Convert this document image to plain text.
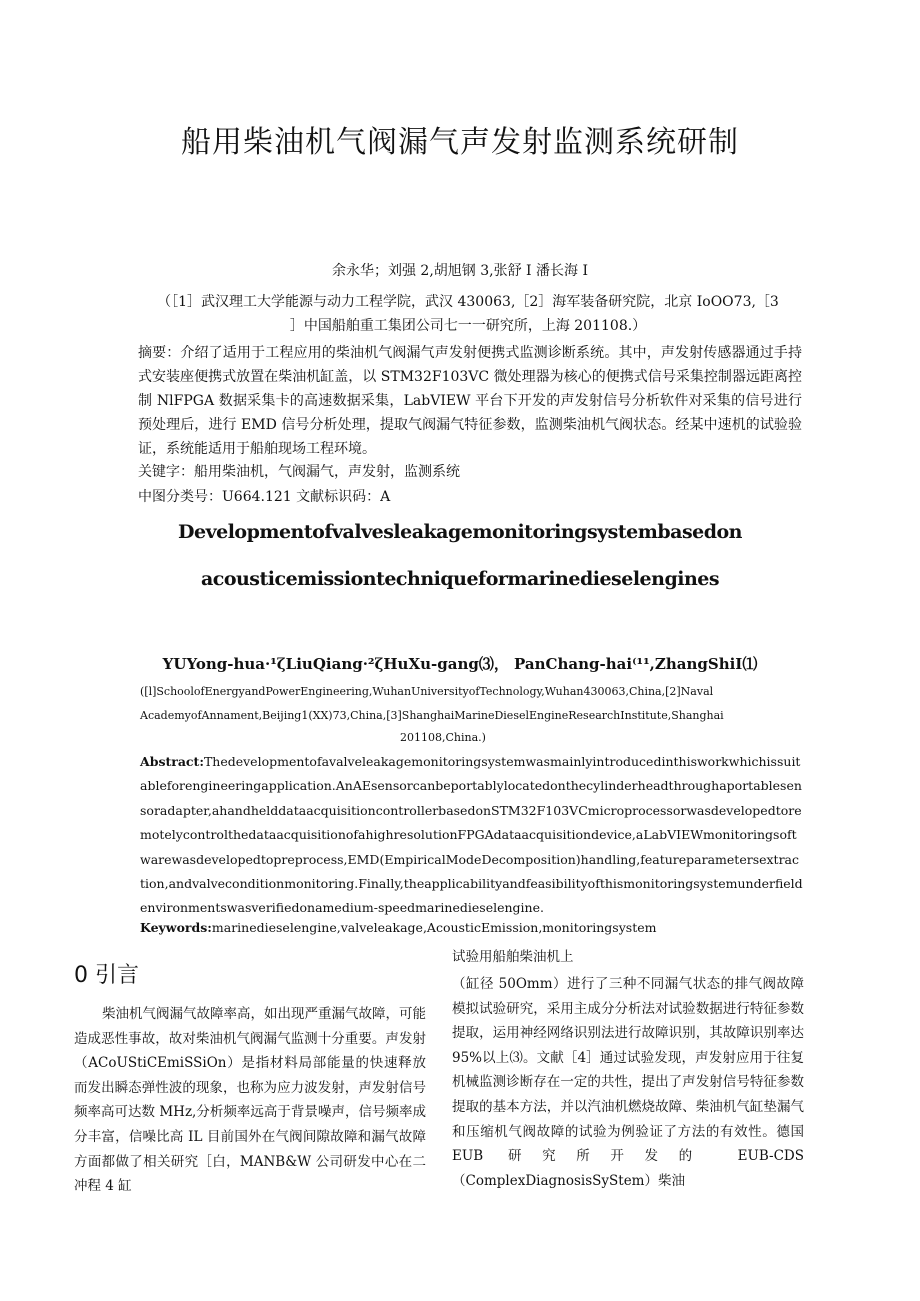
船用柴油机气阀漏气声发射监测系统研制
余永华；刘强 2,胡旭钢 3,张舒 I 潘长海 I
（［1］武汉理工大学能源与动力工程学院，武汉 430063,［2］海军装备研究院，北京 IoOO73,［3
］中国船舶重工集团公司七一一研究所，上海 201108.）
摘要：介绍了适用于工程应用的柴油机气阀漏气声发射便携式监测诊断系统。其中，声发射传感器通过手持式安装座便携式放置在柴油机缸盖，以 STM32F103VC 微处理器为核心的便携式信号采集控制器远距离控制 NlFPGA 数据采集卡的高速数据采集，LabVIEW 平台下开发的声发射信号分析软件对采集的信号进行预处理后，进行 EMD 信号分析处理，提取气阀漏气特征参数，监测柴油机气阀状态。经某中速机的试验验证，系统能适用于船舶现场工程环境。
关键字：船用柴油机，气阀漏气，声发射，监测系统
中图分类号：U664.121 文献标识码：A
Developmentofvalvesleakagemonitoringsystembasedon
acousticemissiontechniqueformarinedieselengines
YUYong-hua·¹ζLiuQiang·²ζHuXu-gang⑶， PanChang-hai⁽¹¹,ZhangShiI⑴
([l]SchoolofEnergyandPowerEngineering,WuhanUniversityofTechnology,Wuhan430063,China,[2]Naval
AcademyofAnnament,Beijing1(XX)73,China,[3]ShanghaiMarineDieselEngineResearchInstitute,Shanghai
201108,China.)
Abstract:Thedevelopmentofavalveleakagemonitoringsystemwasmainlyintroducedinthisworkwhichissuitableforengineeringapplication.AnAEsensorcanbeportablylocatedonthecylinderheadthroughaportablesensoradapter,ahandhelddataacquisitioncontrollerbasedonSTM32F103VCmicroprocessorwasdevelopedtoremotelycontrolthedataacquisitionofahighresolutionFPGAdataacquisitiondevice,aLabVIEWmonitoringsoftwarewasdevelopedtopreprocess,EMD(EmpiricalModeDecomposition)handling,featureparametersextraction,andvalveconditionmonitoring.Finally,theapplicabilityandfeasibilityofthismonitoringsystemunderfieldenvironmentswasverifiedonamedium-speedmarinedieselengine.
Keywords:marinedieselengine,valveleakage,AcousticEmission,monitoringsystem
0 引言
柴油机气阀漏气故障率高，如出现严重漏气故障，可能造成恶性事故，故对柴油机气阀漏气监测十分重要。声发射（ACoUStiCEmiSSiOn）是指材料局部能量的快速释放而发出瞬态弹性波的现象，也称为应力波发射，声发射信号频率高可达数 MHz,分析频率远高于背景噪声，信号频率成分丰富，信噪比高 IL 目前国外在气阀间隙故障和漏气故障方面都做了相关研究［白，MANB&W 公司研发中心在二冲程 4 缸
试验用船舶柴油机上
（缸径 50Omm）进行了三种不同漏气状态的排气阀故障模拟试验研究，采用主成分分析法对试验数据进行特征参数提取，运用神经网络识别法进行故障识别，其故障识别率达 95%以上⑶。文献［4］通过试验发现，声发射应用于往复机械监测诊断存在一定的共性，提出了声发射信号特征参数提取的基本方法，并以汽油机燃烧故障、柴油机气缸垫漏气和压缩机气阀故障的试验为例验证了方法的有效性。德国 EUB 研究所开发的 EUB-CDS（ComplexDiagnosisSyStem）柴油
